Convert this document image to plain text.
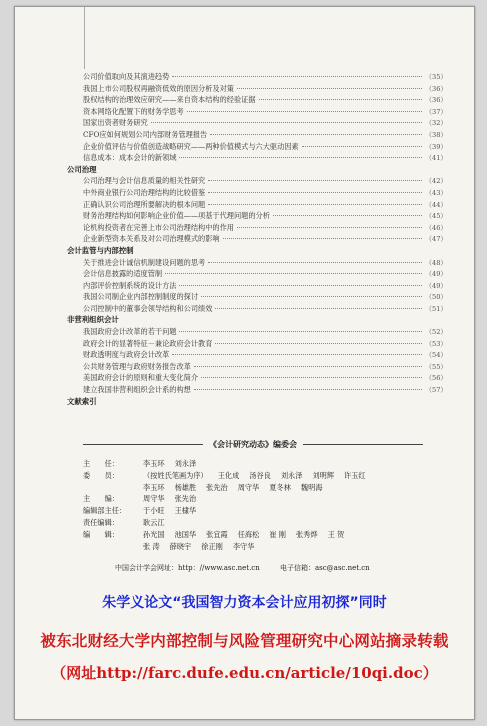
公司价值取向及其演进趋势	（35）
我国上市公司股权再融资低效的原因分析及对策	（36）
股权结构的治理效应研究——来自资本结构的经验证据	（36）
资本网络化配置下的财务学思考	（37）
国家出资者财务研究	（32）
CFO应如何规划公司内部财务管理报告	（38）
企业价值评估与价值创造战略研究——两种价值模式与六大驱动因素	（39）
信息成本：成本会计的新领域	（41）
公司治理
公司治理与会计信息质量的相关性研究	（42）
中外商业银行公司治理结构的比较借鉴	（43）
正确认识公司治理所要解决的根本问题	（44）
财务治理结构如何影响企业价值——项基于代理问题的分析	（45）
论机构投资者在完善上市公司治理结构中的作用	（46）
企业新型资本关系及对公司治理模式的影响	（47）
会计监管与内部控制
关于推进会计诚信机制建设问题的思考	（48）
会计信息披露的适度管制	（49）
内部评价控制系统的设计方法	（49）
我国公司制企业内部控制制度的探讨	（50）
公司控制中的董事会领导结构和公司绩效	（51）
非营利组织会计
我国政府会计改革的若干问题	（52）
政府会计的显著特征－兼论政府会计教育	（53）
财政透明度与政府会计改革	（54）
公共财务管理与政府财务报告改革	（55）
美国政府会计的原则和重大变化简介	（56）
建立我国非营利组织会计系的构想	（57）
文献索引
《会计研究动态》编委会
主　　任：	李玉环 刘永泽
委　　员：	（按姓氏笔画为序） 王化成 汤谷良 刘永泽 刘明辉 许玉红
李玉环 杨雄胜 张先治 周守华 夏冬林 魏明海
主　　编：	周守华 张先治
编辑部主任：	于小旺 王棣华
责任编辑：	耿云江
编　　辑：	孙光国 池国华 张宜霞 任海松 崔 刚 张秀烨 王 贺
张 涛 薛晓宇 徐正刚 李守华
中国会计学会网址：http：//www.asc.net.cn	电子信箱：asc@asc.net.cn
朱学义论文“我国智力资本会计应用初探”同时
被东北财经大学内部控制与风险管理研究中心网站摘录转载
（网址http://farc.dufe.edu.cn/article/10qi.doc）
